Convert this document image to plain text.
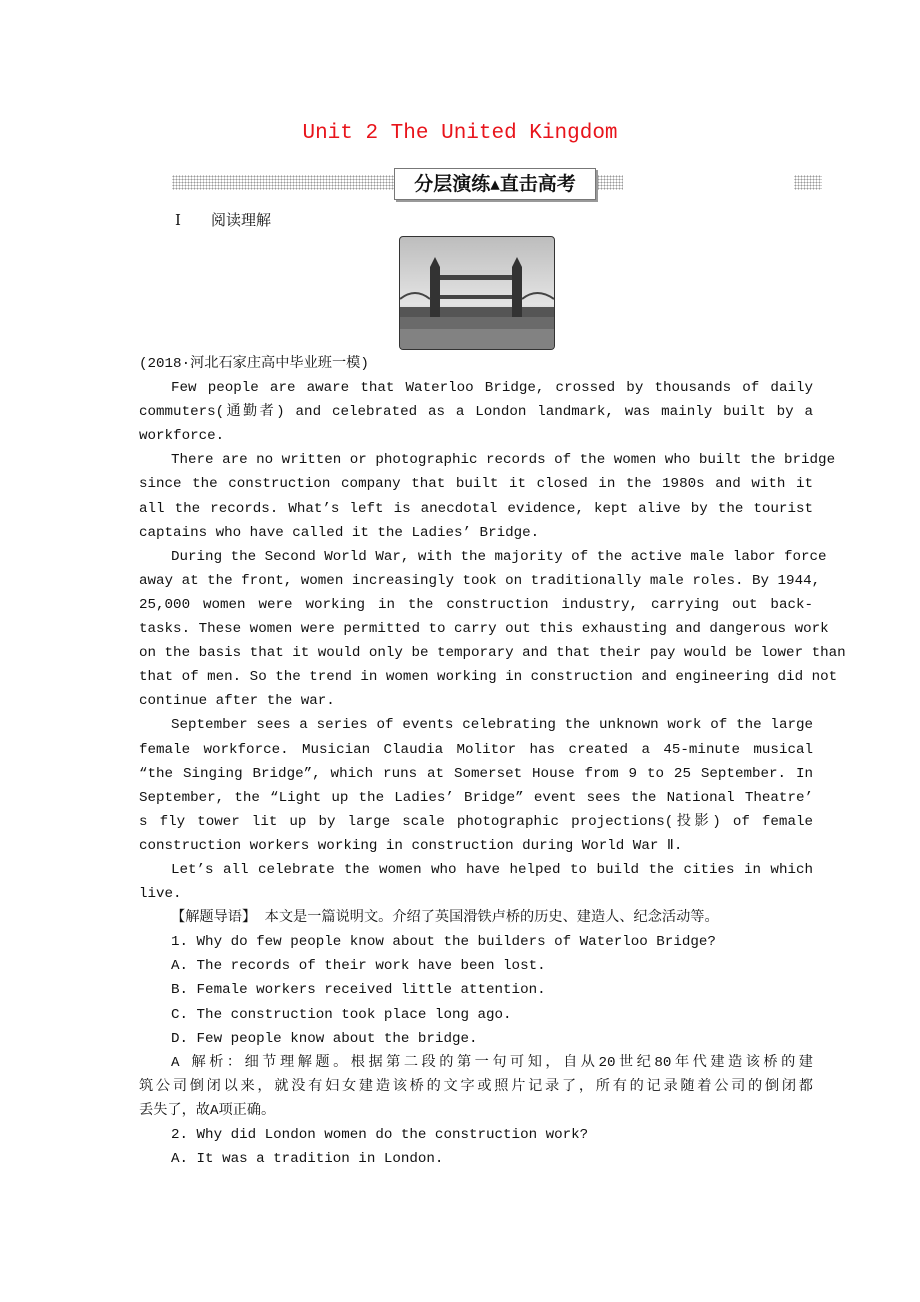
Unit 2 The United Kingdom
分层演练▴直击高考
Ⅰ 阅读理解
(2018·河北石家庄高中毕业班一模)
Few people are aware that Waterloo Bridge, crossed by thousands of daily
commuters(通勤者) and celebrated as a London landmark, was mainly built by a
workforce.
There are no written or photographic records of the women who built the bridge
since the construction company that built it closed in the 1980s and with it
all the records. What’s left is anecdotal evidence, kept alive by the tourist
captains who have called it the Ladies’ Bridge.
During the Second World War, with the majority of the active male labor force
away at the front, women increasingly took on traditionally male roles. By 1944,
25,000 women were working in the construction industry, carrying out back-
tasks. These women were permitted to carry out this exhausting and dangerous work
on the basis that it would only be temporary and that their pay would be lower than
that of men. So the trend in women working in construction and engineering did not
continue after the war.
September sees a series of events celebrating the unknown work of the large
female workforce. Musician Claudia Molitor has created a 45-minute musical
“the Singing Bridge”, which runs at Somerset House from 9 to 25 September. In
September, the “Light up the Ladies’ Bridge” event sees the National Theatre’
s fly tower lit up by large scale photographic projections(投影) of female
construction workers working in construction during World War Ⅱ.
Let’s all celebrate the women who have helped to build the cities in which
live.
【解题导语】 本文是一篇说明文。介绍了英国滑铁卢桥的历史、建造人、纪念活动等。
1. Why do few people know about the builders of Waterloo Bridge?
A. The records of their work have been lost.
B. Female workers received little attention.
C. The construction took place long ago.
D. Few people know about the bridge.
A 解析：细节理解题。根据第二段的第一句可知，自从20世纪80年代建造该桥的建
筑公司倒闭以来，就没有妇女建造该桥的文字或照片记录了，所有的记录随着公司的倒闭都
丢失了，故A项正确。
2. Why did London women do the construction work?
A. It was a tradition in London.
